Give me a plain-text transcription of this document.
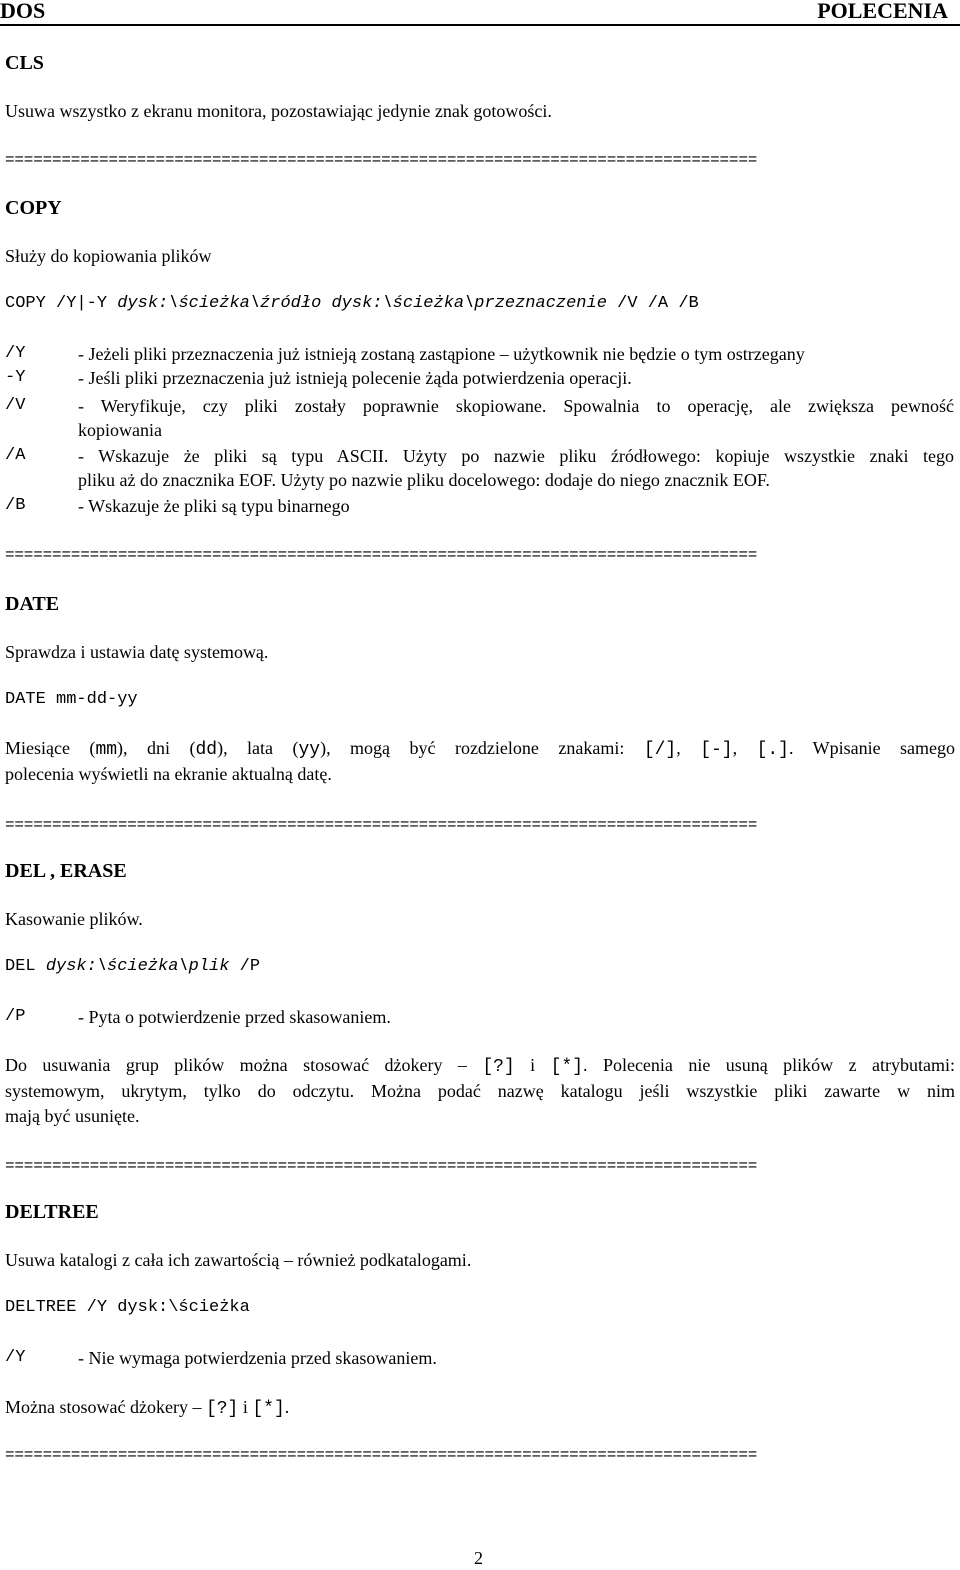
DOS	POLECENIA
CLS
Usuwa wszystko z ekranu monitora, pozostawiając jedynie znak gotowości.
================================================================================
COPY
Służy do kopiowania plików
COPY /Y|-Y dysk:\ścieżka\źródło dysk:\ścieżka\przeznaczenie /V /A /B
/Y	- Jeżeli pliki przeznaczenia już istnieją zostaną zastąpione – użytkownik nie będzie o tym ostrzegany
-Y	- Jeśli pliki przeznaczenia już istnieją polecenie żąda potwierdzenia operacji.
/V	- Weryfikuje, czy pliki zostały poprawnie skopiowane. Spowalnia to operację, ale zwiększa pewność
kopiowania
/A	- Wskazuje że pliki są typu ASCII. Użyty po nazwie pliku źródłowego: kopiuje wszystkie znaki tego
pliku aż do znacznika EOF. Użyty po nazwie pliku docelowego: dodaje do niego znacznik EOF.
/B	- Wskazuje że pliki są typu binarnego
================================================================================
DATE
Sprawdza i ustawia datę systemową.
DATE mm-dd-yy
Miesiące (mm), dni (dd), lata (yy), mogą być rozdzielone znakami: [/], [-], [.]. Wpisanie samego
polecenia wyświetli na ekranie aktualną datę.
================================================================================
DEL , ERASE
Kasowanie plików.
DEL dysk:\ścieżka\plik /P
/P	- Pyta o potwierdzenie przed skasowaniem.
Do usuwania grup plików można stosować dżokery – [?] i [*]. Polecenia nie usuną plików z atrybutami:
systemowym, ukrytym, tylko do odczytu. Można podać nazwę katalogu jeśli wszystkie pliki zawarte w nim
mają być usunięte.
================================================================================
DELTREE
Usuwa katalogi z cała ich zawartością – również podkatalogami.
DELTREE /Y dysk:\ścieżka
/Y	- Nie wymaga potwierdzenia przed skasowaniem.
Można stosować dżokery – [?] i [*].
================================================================================
2
